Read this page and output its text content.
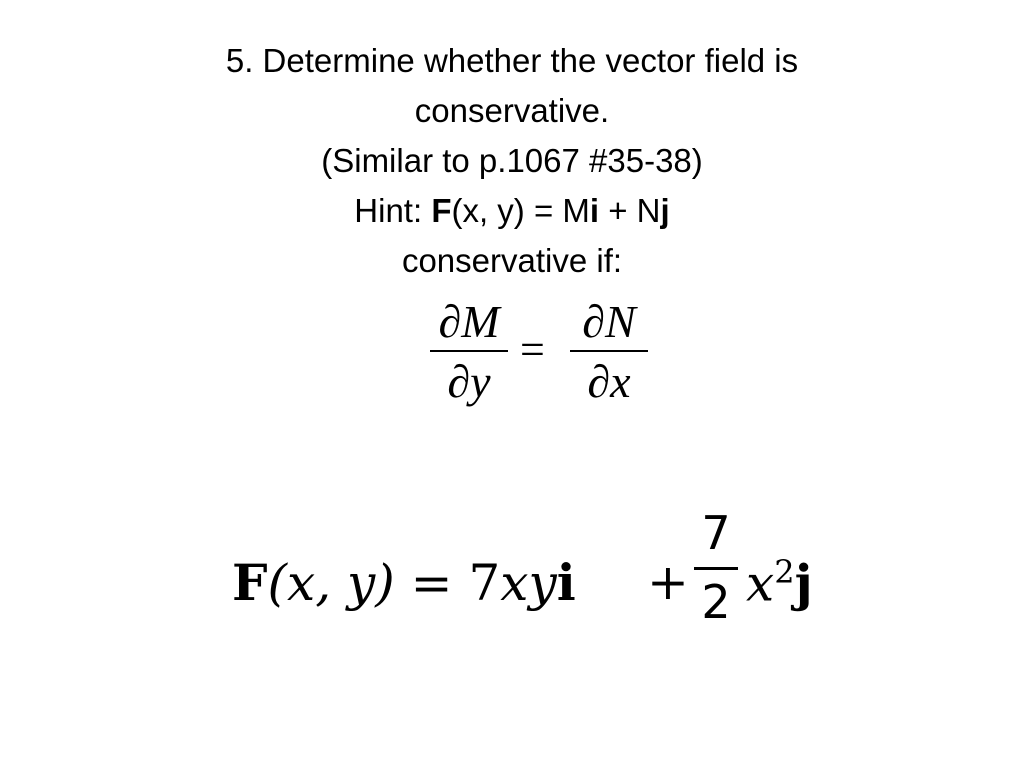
5. Determine whether the vector field is
conservative.
(Similar to p.1067 #35-38)
Hint: F(x, y) = Mi + Nj
conservative if:
∂M
∂y
=
∂N
∂x
F(x, y) = 7xyi +
7
2 $x^2j$
